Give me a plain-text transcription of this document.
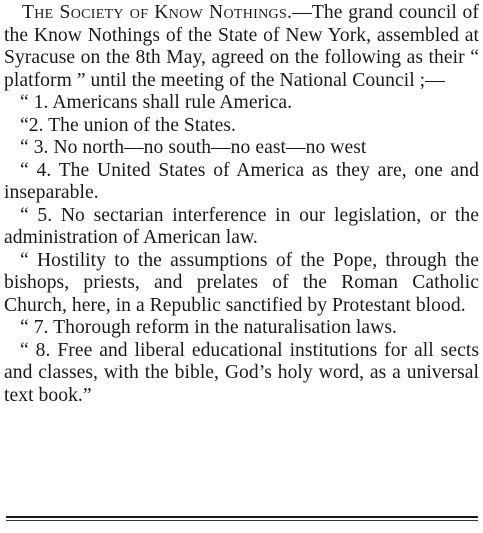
The Society of Know Nothings.—The grand council of the Know Nothings of the State of New York, assembled at Syracuse on the 8th May, agreed on the following as their “ platform ” until the meeting of the National Council ;—

“ 1. Americans shall rule America.

“2. The union of the States.

“ 3. No north—no south—no east—no west

“ 4. The United States of America as they are, one and inseparable.

“ 5. No sectarian interference in our legislation, or the administration of American law.

“ Hostility to the assumptions of the Pope, through the bishops, priests, and prelates of the Roman Catholic Church, here, in a Republic sanctified by Protestant blood.

“ 7. Thorough reform in the naturalisation laws.

“ 8. Free and liberal educational institutions for all sects and classes, with the bible, God’s holy word, as a universal text book.”
